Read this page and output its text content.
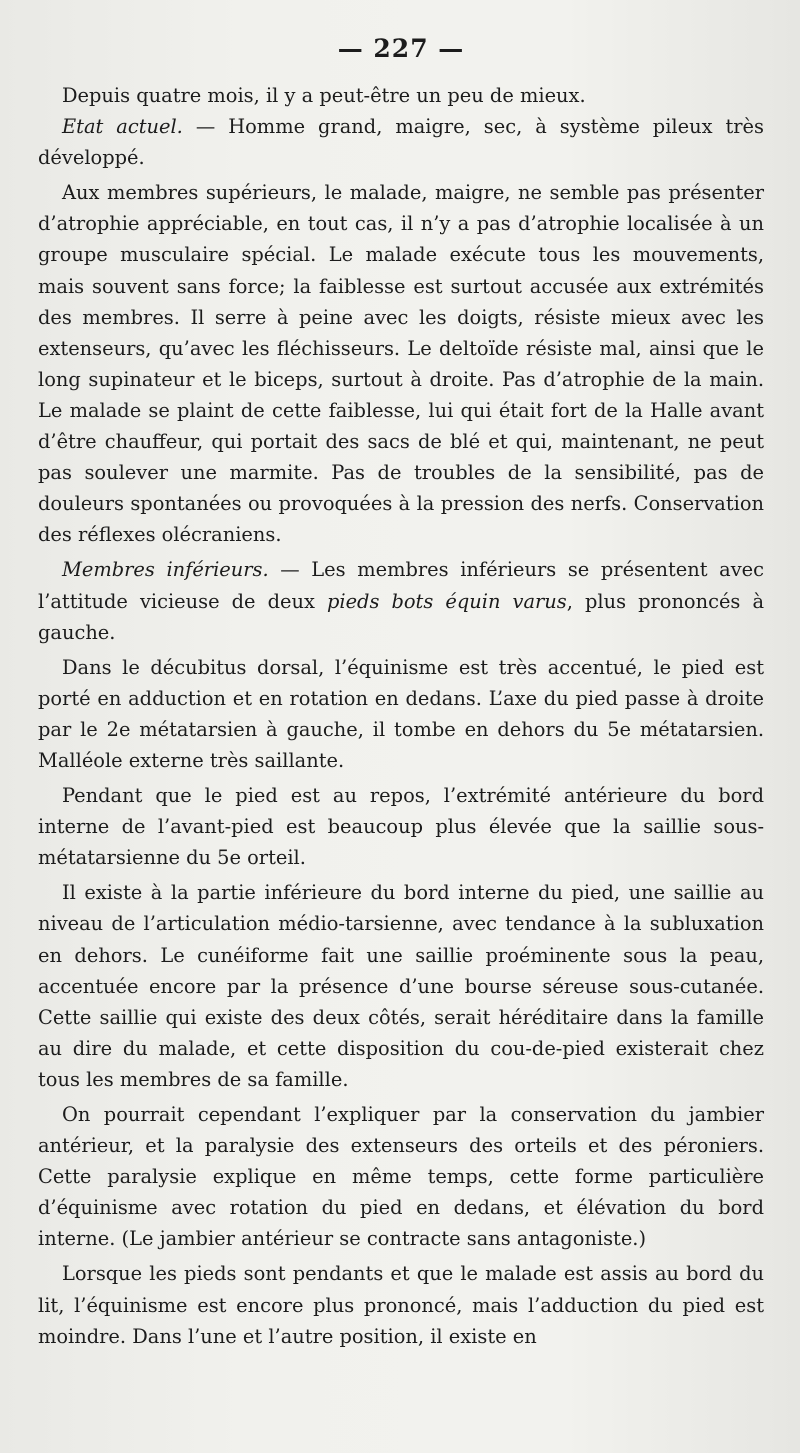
— 227 —

Depuis quatre mois, il y a peut-être un peu de mieux.

Etat actuel. — Homme grand, maigre, sec, à système pileux très développé.

Aux membres supérieurs, le malade, maigre, ne semble pas présenter d’atrophie appréciable, en tout cas, il n’y a pas d’atrophie localisée à un groupe musculaire spécial. Le malade exécute tous les mouvements, mais souvent sans force; la faiblesse est surtout accusée aux extrémités des membres. Il serre à peine avec les doigts, résiste mieux avec les extenseurs, qu’avec les fléchisseurs. Le deltoïde résiste mal, ainsi que le long supinateur et le biceps, surtout à droite. Pas d’atrophie de la main. Le malade se plaint de cette faiblesse, lui qui était fort de la Halle avant d’être chauffeur, qui portait des sacs de blé et qui, maintenant, ne peut pas soulever une marmite. Pas de troubles de la sensibilité, pas de douleurs spontanées ou provoquées à la pression des nerfs. Conservation des réflexes olécraniens.

Membres inférieurs. — Les membres inférieurs se présentent avec l’attitude vicieuse de deux pieds bots équin varus, plus prononcés à gauche.

Dans le décubitus dorsal, l’équinisme est très accentué, le pied est porté en adduction et en rotation en dedans. L’axe du pied passe à droite par le 2e métatarsien à gauche, il tombe en dehors du 5e métatarsien. Malléole externe très saillante.

Pendant que le pied est au repos, l’extrémité antérieure du bord interne de l’avant-pied est beaucoup plus élevée que la saillie sous-métatarsienne du 5e orteil.

Il existe à la partie inférieure du bord interne du pied, une saillie au niveau de l’articulation médio-tarsienne, avec tendance à la subluxation en dehors. Le cunéiforme fait une saillie proéminente sous la peau, accentuée encore par la présence d’une bourse séreuse sous-cutanée. Cette saillie qui existe des deux côtés, serait héréditaire dans la famille au dire du malade, et cette disposition du cou-de-pied existerait chez tous les membres de sa famille.

On pourrait cependant l’expliquer par la conservation du jambier antérieur, et la paralysie des extenseurs des orteils et des péroniers. Cette paralysie explique en même temps, cette forme particulière d’équinisme avec rotation du pied en dedans, et élévation du bord interne. (Le jambier antérieur se contracte sans antagoniste.)

Lorsque les pieds sont pendants et que le malade est assis au bord du lit, l’équinisme est encore plus prononcé, mais l’adduction du pied est moindre. Dans l’une et l’autre position, il existe en
